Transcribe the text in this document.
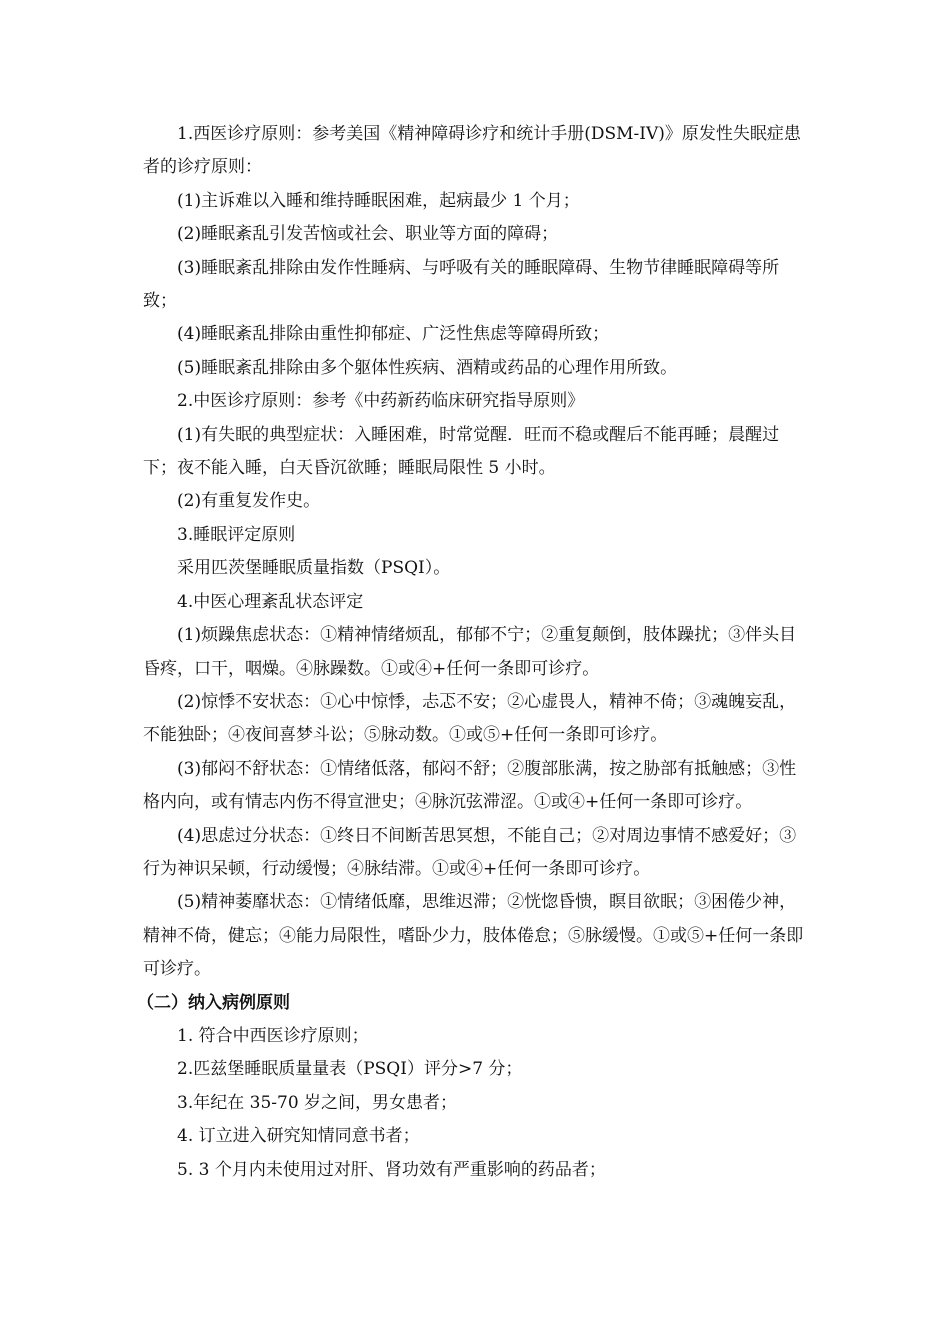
1.西医诊疗原则：参考美国《精神障碍诊疗和统计手册(DSM-IV)》原发性失眠症患者的诊疗原则：

(1)主诉难以入睡和维持睡眠困难，起病最少 1 个月；

(2)睡眠紊乱引发苦恼或社会、职业等方面的障碍；

(3)睡眠紊乱排除由发作性睡病、与呼吸有关的睡眠障碍、生物节律睡眠障碍等所致；

(4)睡眠紊乱排除由重性抑郁症、广泛性焦虑等障碍所致；

(5)睡眠紊乱排除由多个躯体性疾病、酒精或药品的心理作用所致。

2.中医诊疗原则：参考《中药新药临床研究指导原则》

(1)有失眠的典型症状：入睡困难，时常觉醒．旺而不稳或醒后不能再睡；晨醒过下；夜不能入睡，白天昏沉欲睡；睡眠局限性 5 小时。

(2)有重复发作史。

3.睡眠评定原则

采用匹茨堡睡眠质量指数（PSQI）。

4.中医心理紊乱状态评定

(1)烦躁焦虑状态：①精神情绪烦乱，郁郁不宁；②重复颠倒，肢体躁扰；③伴头目昏疼，口干，咽燥。④脉躁数。①或④+任何一条即可诊疗。

(2)惊悸不安状态：①心中惊悸，忐忑不安；②心虚畏人，精神不倚；③魂魄妄乱，不能独卧；④夜间喜梦斗讼；⑤脉动数。①或⑤+任何一条即可诊疗。

(3)郁闷不舒状态：①情绪低落，郁闷不舒；②腹部胀满，按之胁部有抵触感；③性格内向，或有情志内伤不得宣泄史；④脉沉弦滞涩。①或④+任何一条即可诊疗。

(4)思虑过分状态：①终日不间断苦思冥想，不能自己；②对周边事情不感爱好；③行为神识呆顿，行动缓慢；④脉结滞。①或④+任何一条即可诊疗。

(5)精神萎靡状态：①情绪低靡，思维迟滞；②恍惚昏愦，瞑目欲眠；③困倦少神，精神不倚，健忘；④能力局限性，嗜卧少力，肢体倦怠；⑤脉缓慢。①或⑤+任何一条即可诊疗。

（二）纳入病例原则

1. 符合中西医诊疗原则；

2.匹兹堡睡眠质量量表（PSQI）评分>7 分；

3.年纪在 35-70 岁之间，男女患者；

4. 订立进入研究知情同意书者；

5. 3 个月内未使用过对肝、肾功效有严重影响的药品者；
